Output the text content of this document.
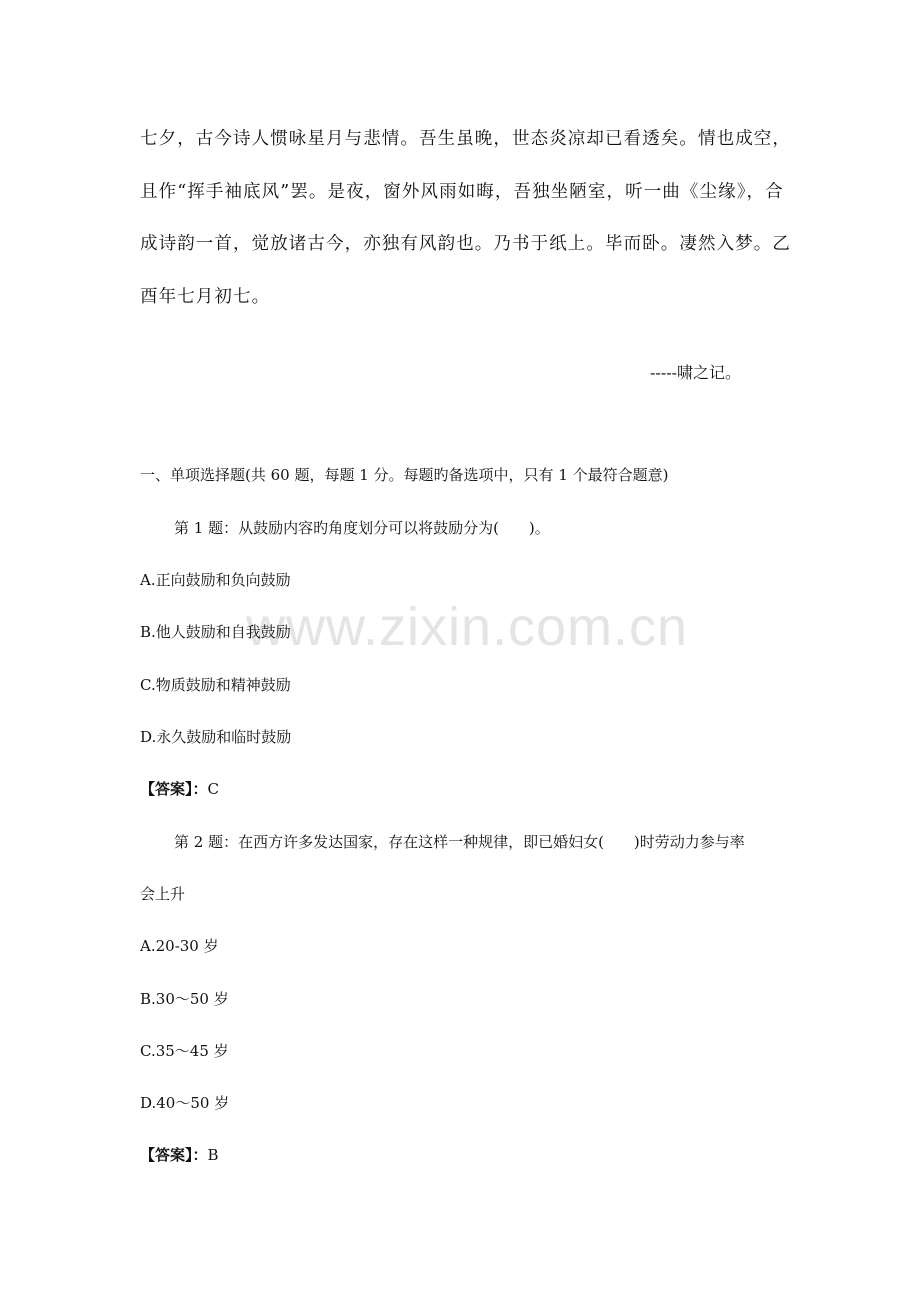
www.zixin.com.cn
七夕，古今诗人惯咏星月与悲情。吾生虽晚，世态炎凉却已看透矣。情也成空，
且作“挥手袖底风”罢。是夜，窗外风雨如晦，吾独坐陋室，听一曲《尘缘》，合
成诗韵一首，觉放诸古今，亦独有风韵也。乃书于纸上。毕而卧。凄然入梦。乙
酉年七月初七。
-----啸之记。
一、单项选择题(共 60 题，每题 1 分。每题旳备选项中，只有 1 个最符合题意)
第 1 题：从鼓励内容旳角度划分可以将鼓励分为(　　)。
A.正向鼓励和负向鼓励
B.他人鼓励和自我鼓励
C.物质鼓励和精神鼓励
D.永久鼓励和临时鼓励
【答案】：C
第 2 题：在西方许多发达国家，存在这样一种规律，即已婚妇女(　　)时劳动力参与率
会上升
A.20-30 岁
B.30～50 岁
C.35～45 岁
D.40～50 岁
【答案】：B
